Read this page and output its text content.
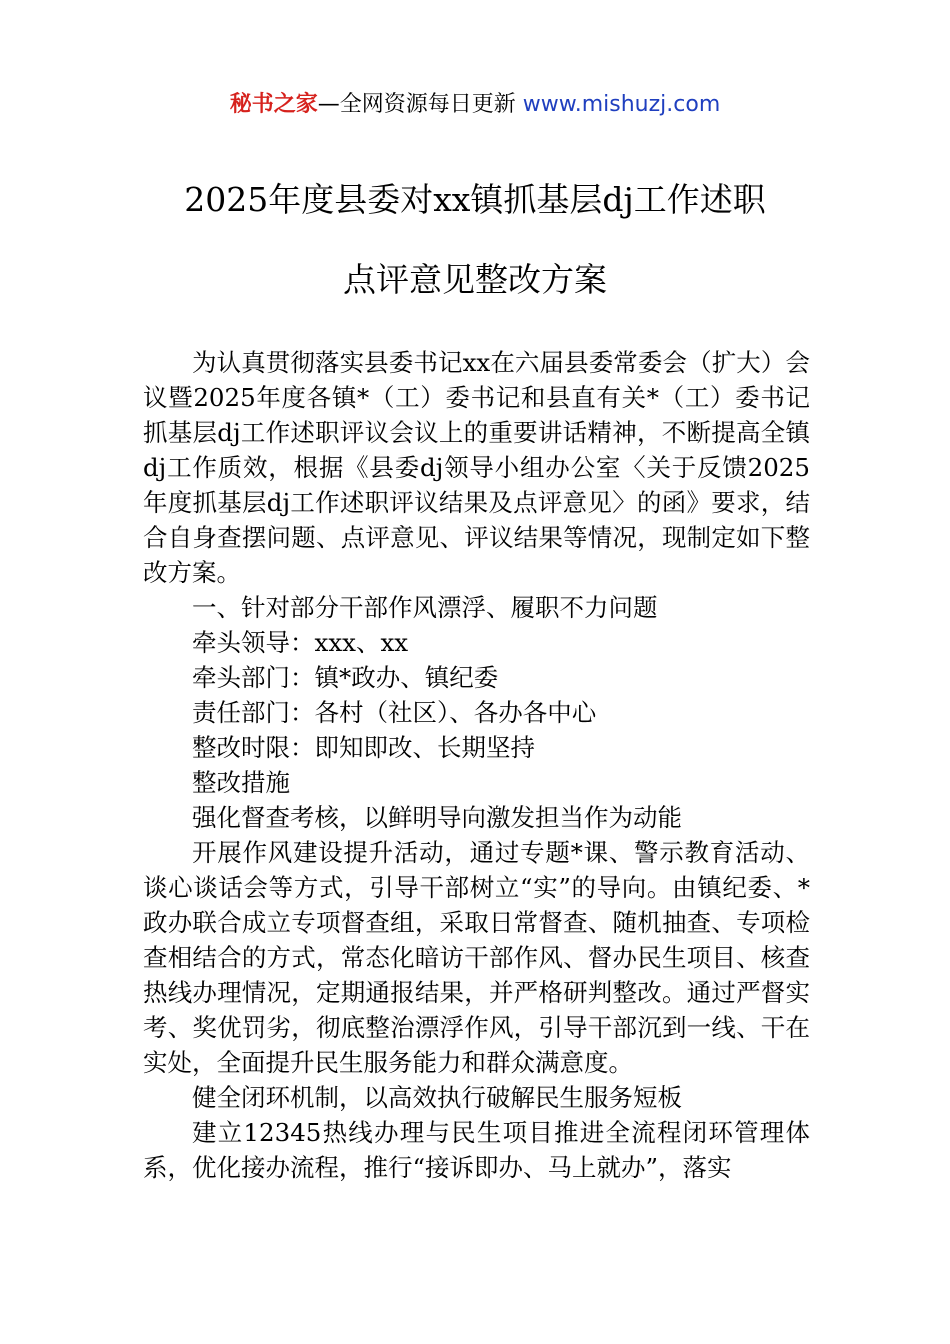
秘书之家—全网资源每日更新 www.mishuzj.com
2025年度县委对xx镇抓基层dj工作述职
点评意见整改方案

为认真贯彻落实县委书记xx在六届县委常委会（扩大）会议暨2025年度各镇*（工）委书记和县直有关*（工）委书记抓基层dj工作述职评议会议上的重要讲话精神，不断提高全镇dj工作质效，根据《县委dj领导小组办公室〈关于反馈2025年度抓基层dj工作述职评议结果及点评意见〉的函》要求，结合自身查摆问题、点评意见、评议结果等情况，现制定如下整改方案。

一、针对部分干部作风漂浮、履职不力问题

牵头领导：xxx、xx

牵头部门：镇*政办、镇纪委

责任部门：各村（社区）、各办各中心

整改时限：即知即改、长期坚持

整改措施

强化督查考核，以鲜明导向激发担当作为动能

开展作风建设提升活动，通过专题*课、警示教育活动、谈心谈话会等方式，引导干部树立“实”的导向。由镇纪委、*政办联合成立专项督查组，采取日常督查、随机抽查、专项检查相结合的方式，常态化暗访干部作风、督办民生项目、核查热线办理情况，定期通报结果，并严格研判整改。通过严督实考、奖优罚劣，彻底整治漂浮作风，引导干部沉到一线、干在实处，全面提升民生服务能力和群众满意度。

健全闭环机制，以高效执行破解民生服务短板

建立12345热线办理与民生项目推进全流程闭环管理体系，优化接办流程，推行“接诉即办、马上就办”，落实
